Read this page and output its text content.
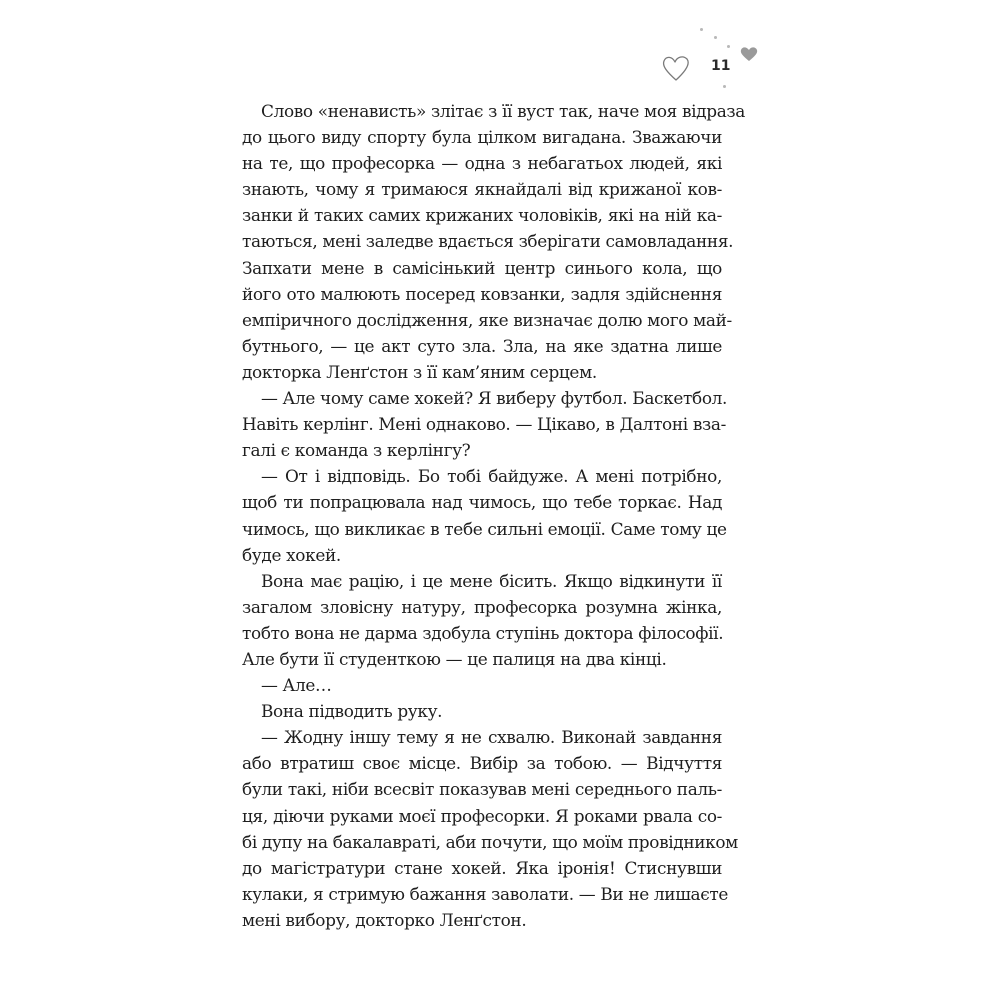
11
Слово «ненависть» злітає з її вуст так, наче моя відраза
до цього виду спорту була цілком вигадана. Зважаючи
на те, що професорка — одна з небагатьох людей, які
знають, чому я тримаюся якнайдалі від крижаної ков-
занки й таких самих крижаних чоловіків, які на ній ка-
таються, мені заледве вдається зберігати самовладання.
Запхати мене в самісінький центр синього кола, що
його ото малюють посеред ковзанки, задля здійснення
емпіричного дослідження, яке визначає долю мого май-
бутнього, — це акт суто зла. Зла, на яке здатна лише
докторка Ленґстон з її кам’яним серцем.
— Але чому саме хокей? Я виберу футбол. Баскетбол.
Навіть керлінг. Мені однаково. — Цікаво, в Далтоні вза-
галі є команда з керлінгу?
— От і відповідь. Бо тобі байдуже. А мені потрібно,
щоб ти попрацювала над чимось, що тебе торкає. Над
чимось, що викликає в тебе сильні емоції. Саме тому це
буде хокей.
Вона має рацію, і це мене бісить. Якщо відкинути її
загалом зловісну натуру, професорка розумна жінка,
тобто вона не дарма здобула ступінь доктора філософії.
Але бути її студенткою — це палиця на два кінці.
— Але…
Вона підводить руку.
— Жодну іншу тему я не схвалю. Виконай завдання
або втратиш своє місце. Вибір за тобою. — Відчуття
були такі, ніби всесвіт показував мені середнього паль-
ця, діючи руками моєї професорки. Я роками рвала со-
бі дупу на бакалавраті, аби почути, що моїм провідником
до магістратури стане хокей. Яка іронія! Стиснувши
кулаки, я стримую бажання заволати. — Ви не лишаєте
мені вибору, докторко Ленґстон.
